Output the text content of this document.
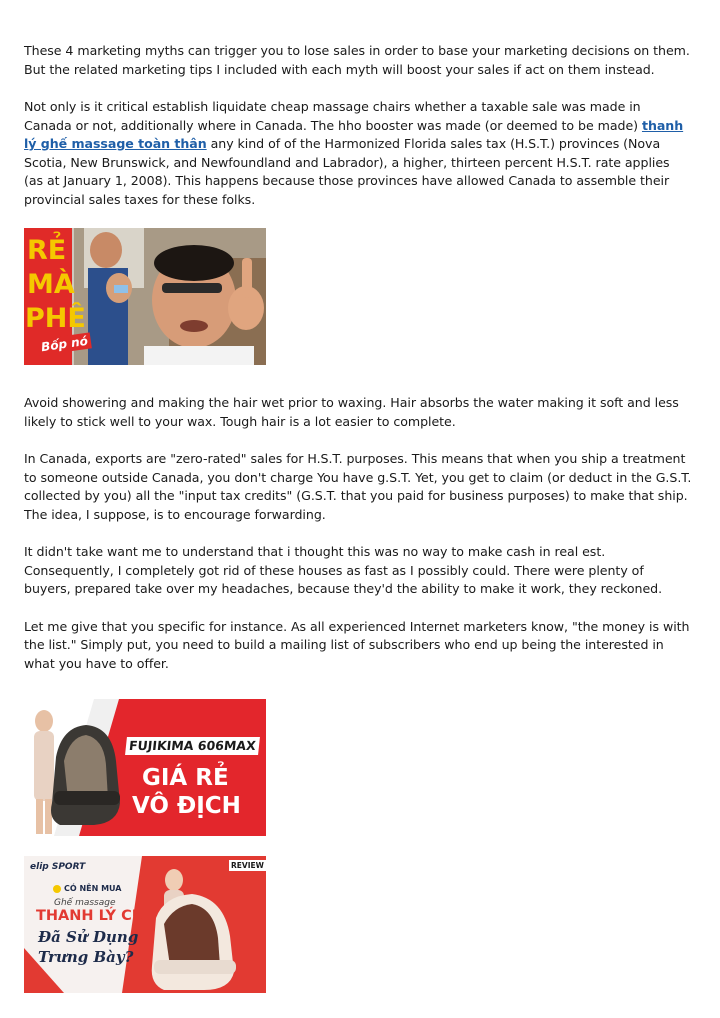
These 4 marketing myths can trigger you to lose sales in order to base your marketing decisions on them. But the related marketing tips I included with each myth will boost your sales if act on them instead.

Not only is it critical establish liquidate cheap massage chairs whether a taxable sale was made in Canada or not, additionally where in Canada. The hho booster was made (or deemed to be made) thanh lý ghế massage toàn thân any kind of of the Harmonized Florida sales tax (H.S.T.) provinces (Nova Scotia, New Brunswick, and Newfoundland and Labrador), a higher, thirteen percent H.S.T. rate applies (as at January 1, 2008). This happens because those provinces have allowed Canada to assemble their provincial sales taxes for these folks.

RẺ
MÀ
PHÊ
Bốp nó

Avoid showering and making the hair wet prior to waxing. Hair absorbs the water making it soft and less likely to stick well to your wax. Tough hair is a lot easier to complete.

In Canada, exports are "zero-rated" sales for H.S.T. purposes. This means that when you ship a treatment to someone outside Canada, you don't charge You have g.S.T. Yet, you get to claim (or deduct in the G.S.T. collected by you) all the "input tax credits" (G.S.T. that you paid for business purposes) to make that ship. The idea, I suppose, is to encourage forwarding.

It didn't take want me to understand that i thought this was no way to make cash in real est. Consequently, I completely got rid of these houses as fast as I possibly could. There were plenty of buyers, prepared take over my headaches, because they'd the ability to make it work, they reckoned.

Let me give that you specific for instance. As all experienced Internet marketers know, "the money is with the list." Simply put, you need to build a mailing list of subscribers who end up being the interested in what you have to offer.

FUJIKIMA 606MAX
GIÁ RẺ
VÔ ĐỊCH
elip SPORT	REVIEW
CÓ NÊN MUA
Ghế massage
THANH LÝ CŨ
Đã Sử Dụng
Trưng Bày?
